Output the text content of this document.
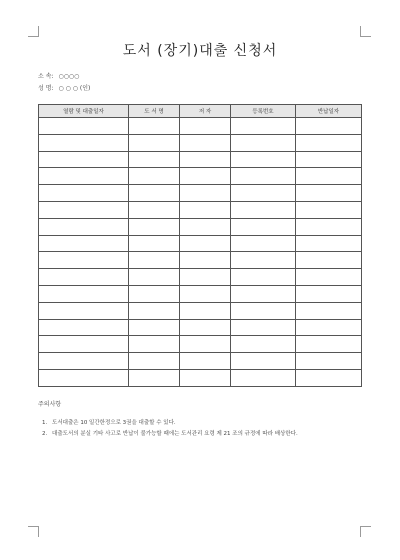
도서 (장기)대출 신청서
소 속: ○○○○
성 명: ○ ○ ○ (인)
열람 및 대출일자	도 서 명	저 자	등록번호	반납일자

주의사항
1. 도서대출은 10 일간한정으로 3권을 대출할 수 있다.
2. 대출도서의 분실 기타 사고로 반납이 불가능할 때에는 도서관리 요령 제 21 조의 규정에 따라 배상한다.
